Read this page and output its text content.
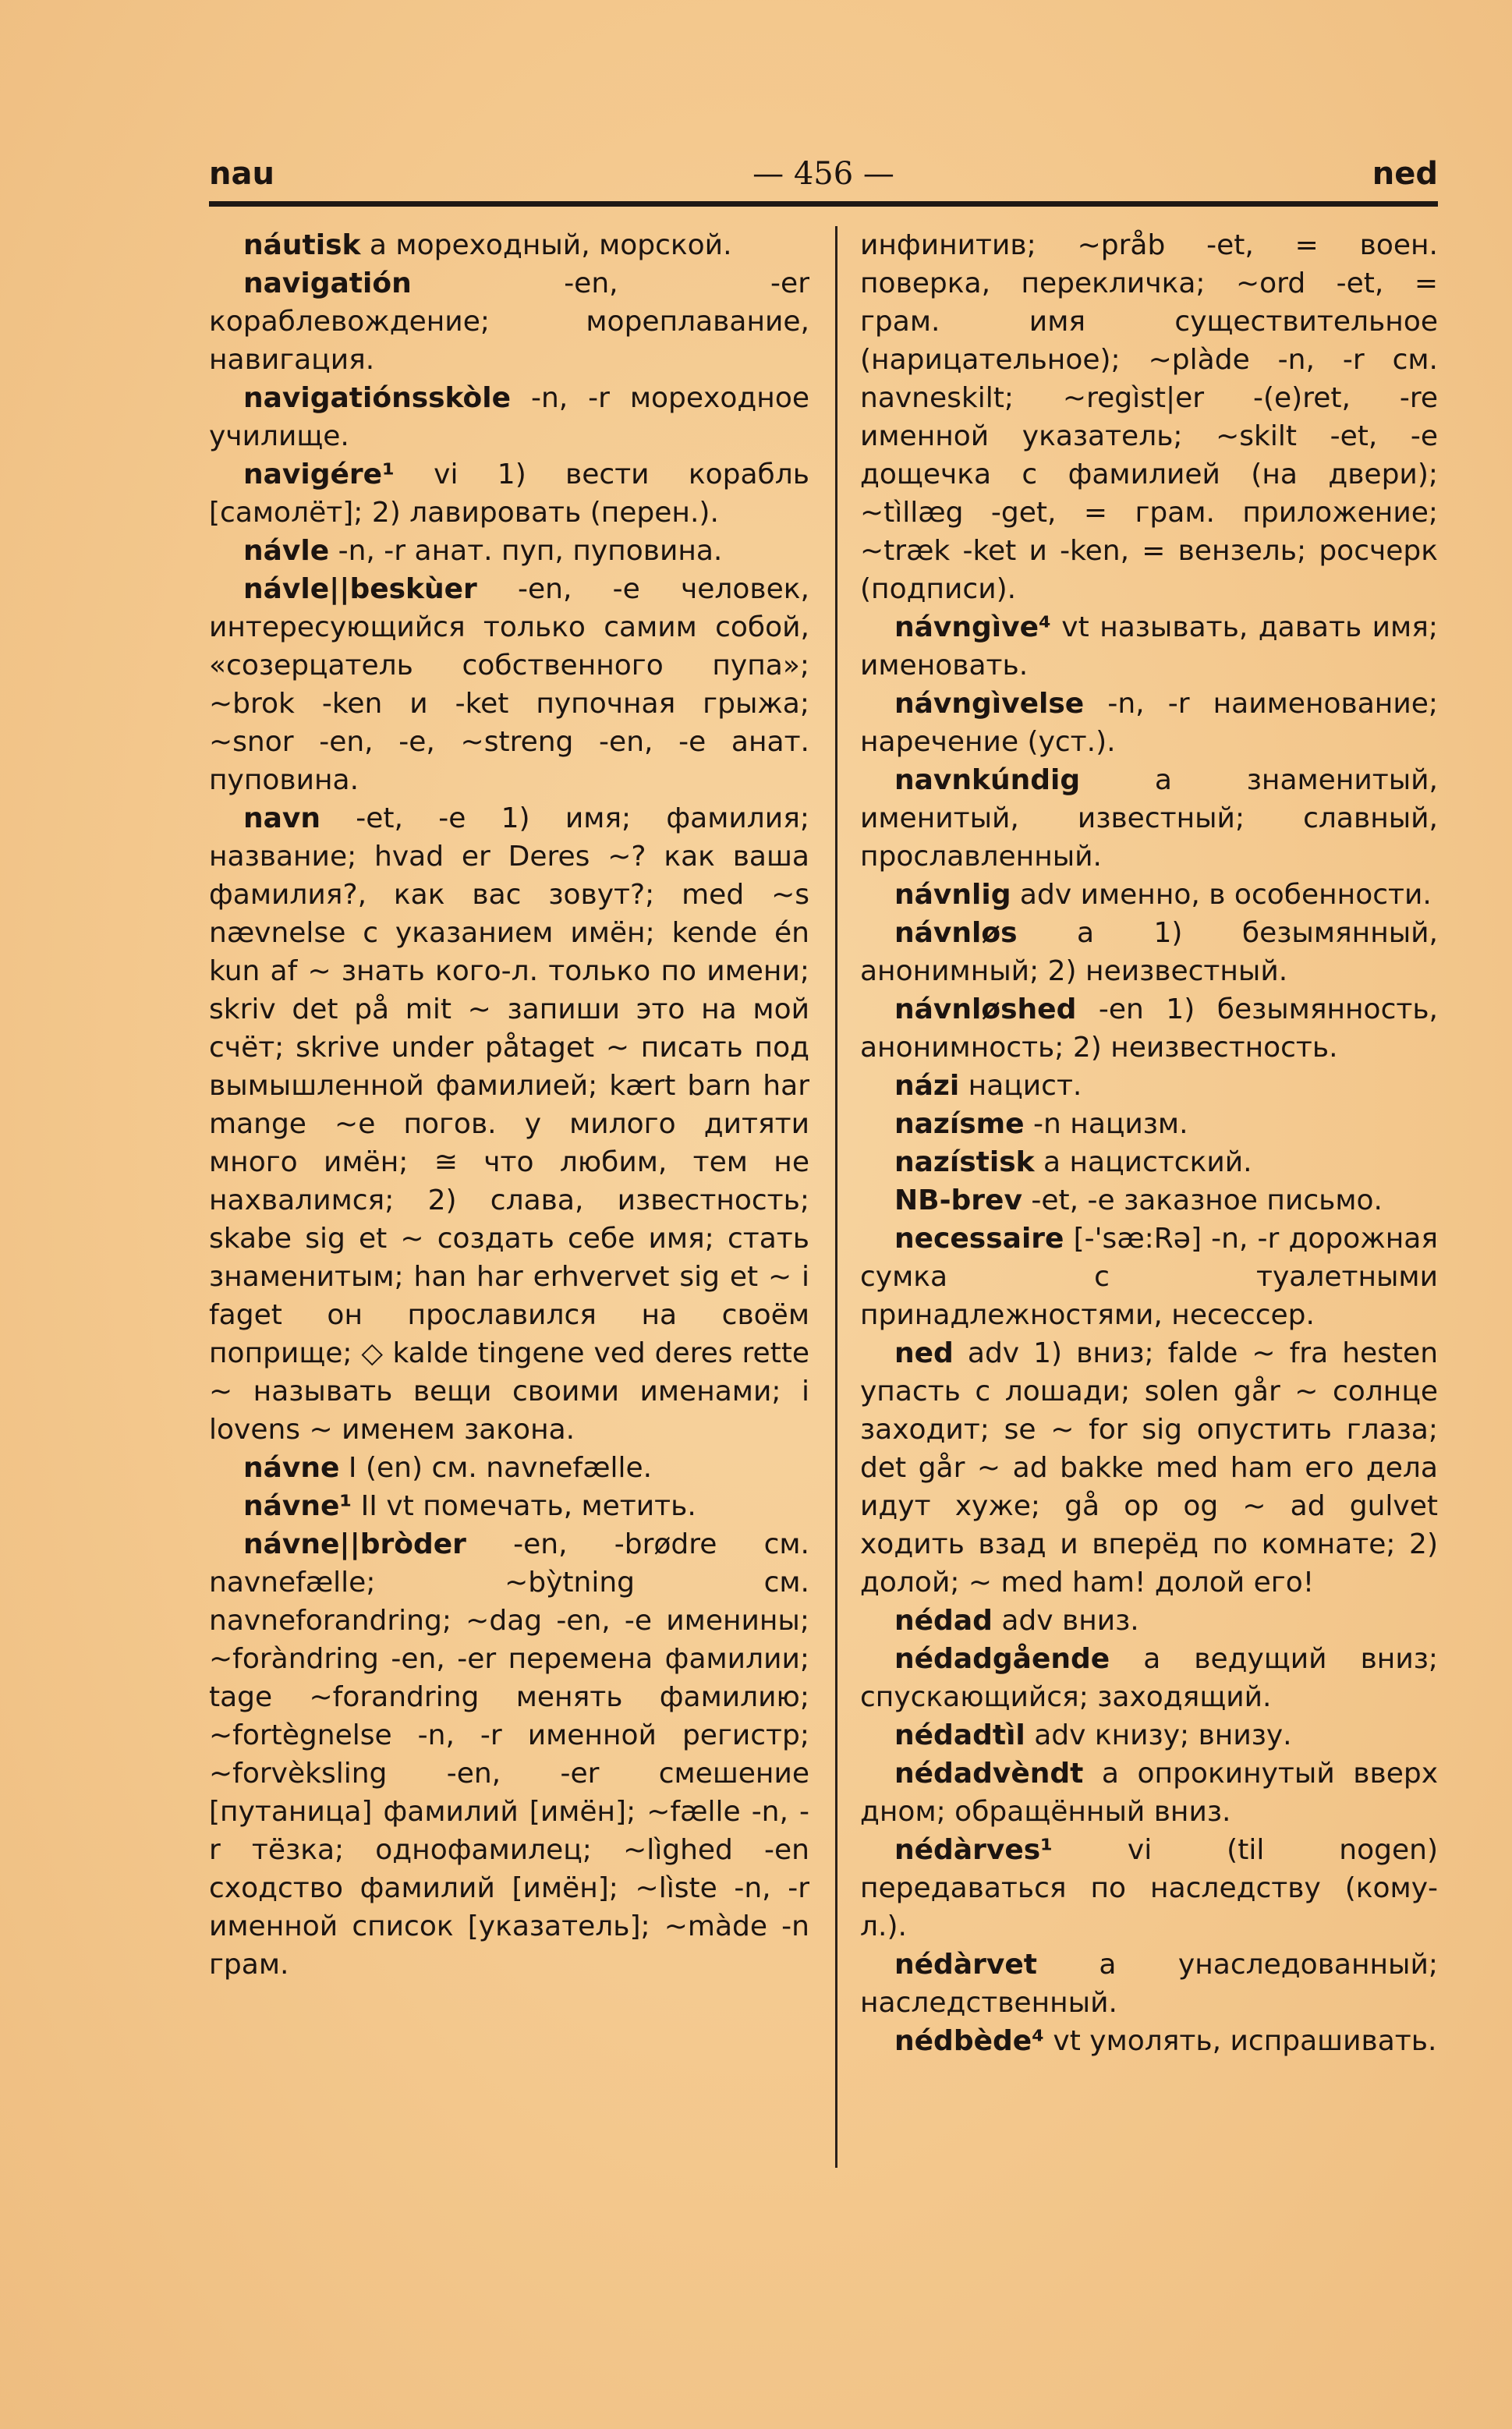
nau	— 456 —	ned

náutisk a мореходный, морской.

navigatión	-en, -er кораблевождение; мореплавание, навигация.

navigatiónsskòle -n, -r мореходное училище.

navigére¹ vi 1) вести корабль [самолёт]; 2) лавировать (перен.).

návle -n, -r анат. пуп, пуповина.

návle||beskùer -en, -e человек, интересующийся только самим собой, «созерцатель собственного пупа»; ~brok -ken и -ket пупочная грыжа; ~snor -en, -e, ~streng -en, -e анат. пуповина.

navn -et, -e 1) имя; фамилия; название; hvad er Deres ~? как ваша фамилия?, как вас зовут?; med ~s nævnelse с указанием имён; kende én kun af ~ знать кого-л. только по имени; skriv det på mit ~ запиши это на мой счёт; skrive under påtaget ~ писать под вымышленной фамилией; kært barn har mange ~e погов. у милого дитяти много имён; ≅ что любим, тем не нахвалимся; 2) слава, известность; skabe sig et ~ создать себе имя; стать знаменитым; han har erhvervet sig et ~ i faget он прославился на своём поприще; ◇ kalde tingene ved deres rette ~ называть вещи своими именами; i lovens ~ именем закона.

návne I (en) см. navnefælle.

návne¹ II vt помечать, метить.

návne||bròder -en, -brødre см. navnefælle; ~bỳtning см. navneforandring; ~dag -en, -e именины; ~foràndring -en, -er перемена фамилии; tage ~forandring менять фамилию; ~fortègnelse -n, -r именной регистр; ~forvèksling -en, -er смешение [путаница] фамилий [имён]; ~fælle -n, -r тёзка; однофамилец; ~lìghed -en сходство фамилий [имён]; ~lìste -n, -r именной список [указатель]; ~màde -n грам.

инфинитив; ~pråb -et, = воен. поверка, перекличка; ~ord -et, = грам. имя существительное (нарицательное); ~plàde -n, -r см. navneskilt; ~regìst|er -(e)ret, -re именной указатель; ~skilt -et, -e дощечка с фамилией (на двери); ~tìllæg -get, = грам. приложение; ~træk -ket и -ken, = вензель; росчерк (подписи).

návngìve⁴ vt называть, давать имя; именовать.

návngìvelse -n, -r наименование; наречение (уст.).

navnkúndig	a знаменитый, именитый, известный; славный, прославленный.

návnlig adv именно, в особенности.

návnløs a 1) безымянный, анонимный; 2) неизвестный.

návnløshed -en 1) безымянность, анонимность; 2) неизвестность.

názi нацист.

nazísme -n нацизм.

nazístisk a нацистский.

NB-brev -et, -e заказное письмо.

necessaire [-'sæ:Rə] -n, -r дорожная сумка с туалетными принадлежностями, несессер.

ned adv 1) вниз; falde ~ fra hesten упасть с лошади; solen går ~ солнце заходит; se ~ for sig опустить глаза; det går ~ ad bakke med ham его дела идут хуже; gå op og ~ ad gulvet ходить взад и вперёд по комнате; 2) долой; ~ med ham! долой его!

nédad adv вниз.

nédadgående a ведущий вниз; спускающийся; заходящий.

nédadtìl adv книзу; внизу.

nédadvèndt a опрокинутый вверх дном; обращённый вниз.

nédàrves¹	vi (til nogen) передаваться по наследству (кому-л.).

nédàrvet a унаследованный; наследственный.

nédbède⁴ vt умолять, испрашивать.
